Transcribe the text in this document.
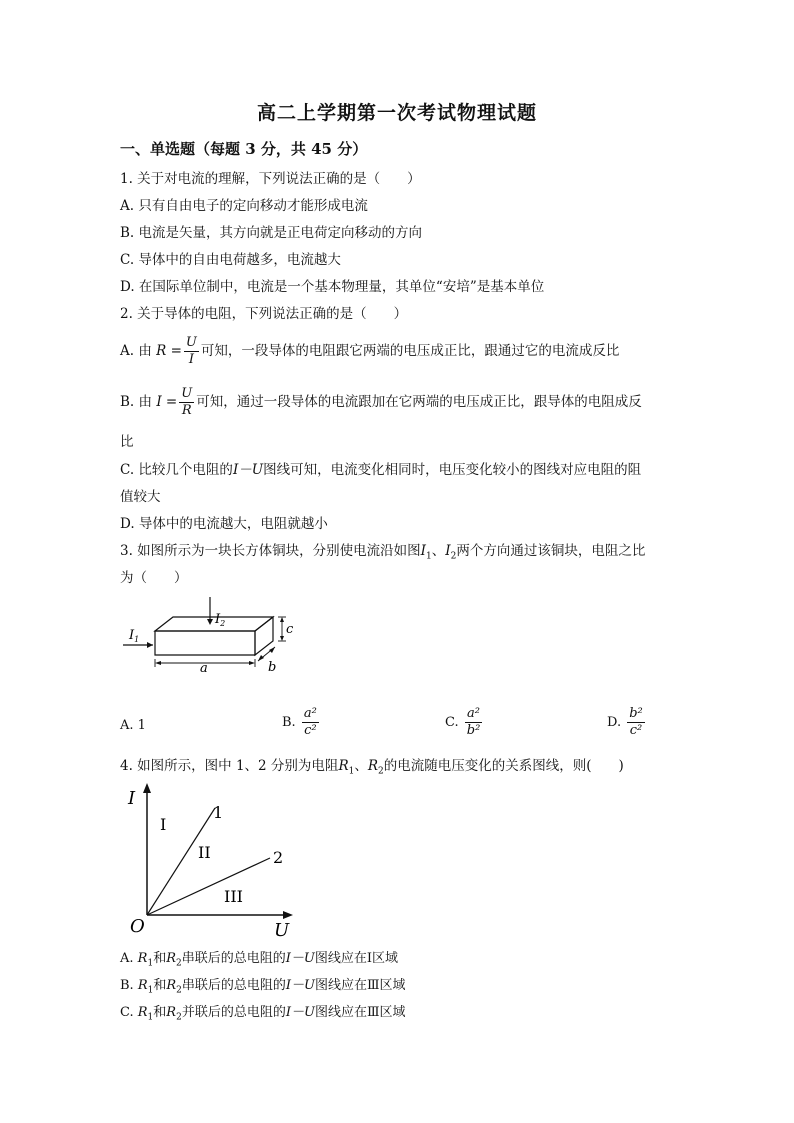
高二上学期第一次考试物理试题
一、单选题（每题 3 分，共 45 分）
1. 关于对电流的理解，下列说法正确的是（　　）
A. 只有自由电子的定向移动才能形成电流
B. 电流是矢量，其方向就是正电荷定向移动的方向
C. 导体中的自由电荷越多，电流越大
D. 在国际单位制中，电流是一个基本物理量，其单位“安培”是基本单位
2. 关于导体的电阻，下列说法正确的是（　　）
A. 由 $R = \frac{U}{I}$ 可知，一段导体的电阻跟它两端的电压成正比，跟通过它的电流成反比
B. 由 $I = \frac{U}{R}$ 可知，通过一段导体的电流跟加在它两端的电压成正比，跟导体的电阻成反
比
C. 比较几个电阻的I－U图线可知，电流变化相同时，电压变化较小的图线对应电阻的阻
值较大
D. 导体中的电流越大，电阻就越小
3. 如图所示为一块长方体铜块，分别使电流沿如图$I_1$、$I_2$两个方向通过该铜块，电阻之比
为（　　）
$I_1$
$I_2$
a	b
c
A. 1	B. $\frac{\text{a²}}{\text{c²}}$	C. $\frac{\text{a²}}{\text{b²}}$	D. $\frac{\text{b²}}{\text{c²}}$
4. 如图所示，图中 1、2 分别为电阻$R_1$、$R_2$的电流随电压变化的关系图线，则(　　)
I
U
O
1
2
I
II
III
A. $R_1$和$R_2$串联后的总电阻的I－U图线应在Ⅰ区域
B. $R_1$和$R_2$串联后的总电阻的I－U图线应在Ⅲ区域
C. $R_1$和$R_2$并联后的总电阻的I－U图线应在Ⅲ区域
